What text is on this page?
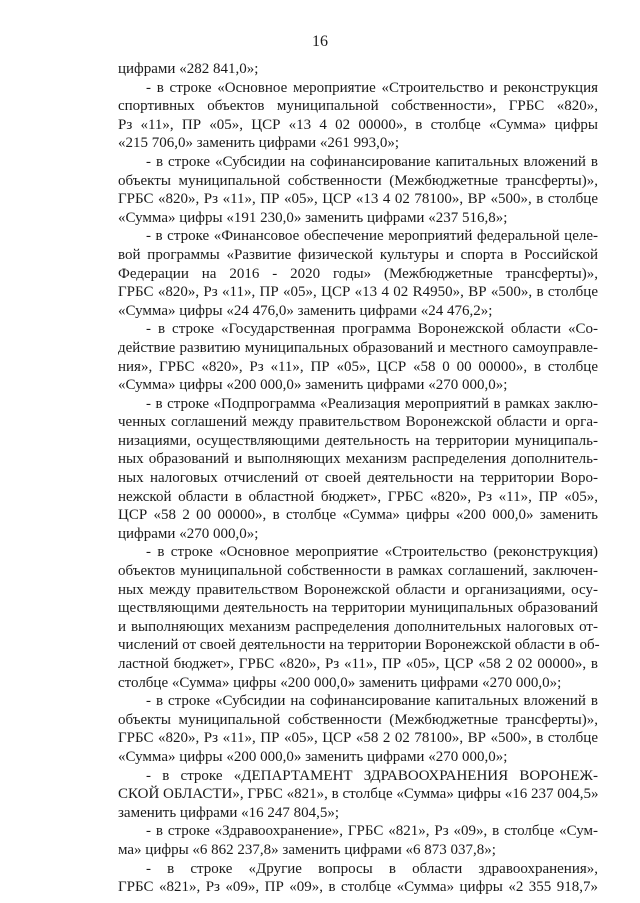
16
цифрами «282 841,0»;
- в строке «Основное мероприятие «Строительство и реконструкция
спортивных объектов муниципальной собственности», ГРБС «820»,
Рз «11», ПР «05», ЦСР «13 4 02 00000», в столбце «Сумма» цифры
«215 706,0» заменить цифрами «261 993,0»;
- в строке «Субсидии на софинансирование капитальных вложений в
объекты муниципальной собственности (Межбюджетные трансферты)»,
ГРБС «820», Рз «11», ПР «05», ЦСР «13 4 02 78100», ВР «500», в столбце
«Сумма» цифры «191 230,0» заменить цифрами «237 516,8»;
- в строке «Финансовое обеспечение мероприятий федеральной целе-
вой программы «Развитие физической культуры и спорта в Российской
Федерации на 2016 - 2020 годы» (Межбюджетные трансферты)»,
ГРБС «820», Рз «11», ПР «05», ЦСР «13 4 02 R4950», ВР «500», в столбце
«Сумма» цифры «24 476,0» заменить цифрами «24 476,2»;
- в строке «Государственная программа Воронежской области «Со-
действие развитию муниципальных образований и местного самоуправле-
ния», ГРБС «820», Рз «11», ПР «05», ЦСР «58 0 00 00000», в столбце
«Сумма» цифры «200 000,0» заменить цифрами «270 000,0»;
- в строке «Подпрограмма «Реализация мероприятий в рамках заклю-
ченных соглашений между правительством Воронежской области и орга-
низациями, осуществляющими деятельность на территории муниципаль-
ных образований и выполняющих механизм распределения дополнитель-
ных налоговых отчислений от своей деятельности на территории Воро-
нежской области в областной бюджет», ГРБС «820», Рз «11», ПР «05»,
ЦСР «58 2 00 00000», в столбце «Сумма» цифры «200 000,0» заменить
цифрами «270 000,0»;
- в строке «Основное мероприятие «Строительство (реконструкция)
объектов муниципальной собственности в рамках соглашений, заключен-
ных между правительством Воронежской области и организациями, осу-
ществляющими деятельность на территории муниципальных образований
и выполняющих механизм распределения дополнительных налоговых от-
числений от своей деятельности на территории Воронежской области в об-
ластной бюджет», ГРБС «820», Рз «11», ПР «05», ЦСР «58 2 02 00000», в
столбце «Сумма» цифры «200 000,0» заменить цифрами «270 000,0»;
- в строке «Субсидии на софинансирование капитальных вложений в
объекты муниципальной собственности (Межбюджетные трансферты)»,
ГРБС «820», Рз «11», ПР «05», ЦСР «58 2 02 78100», ВР «500», в столбце
«Сумма» цифры «200 000,0» заменить цифрами «270 000,0»;
- в строке «ДЕПАРТАМЕНТ ЗДРАВООХРАНЕНИЯ ВОРОНЕЖ-
СКОЙ ОБЛАСТИ», ГРБС «821», в столбце «Сумма» цифры «16 237 004,5»
заменить цифрами «16 247 804,5»;
- в строке «Здравоохранение», ГРБС «821», Рз «09», в столбце «Сум-
ма» цифры «6 862 237,8» заменить цифрами «6 873 037,8»;
- в строке «Другие вопросы в области здравоохранения»,
ГРБС «821», Рз «09», ПР «09», в столбце «Сумма» цифры «2 355 918,7»
